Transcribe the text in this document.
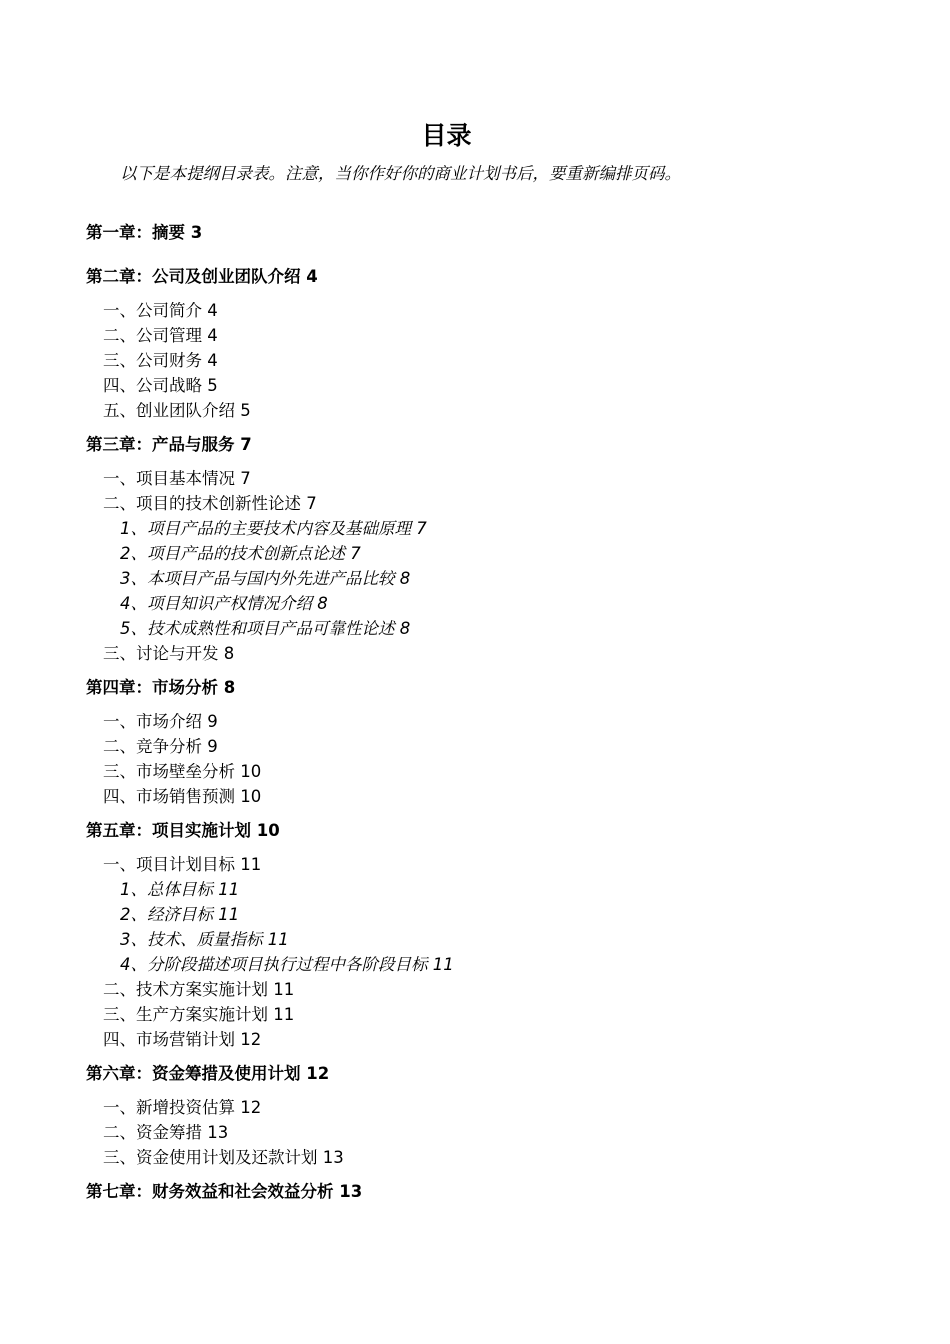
目录
以下是本提纲目录表。注意，当你作好你的商业计划书后，要重新编排页码。
第一章：摘要 3
第二章：公司及创业团队介绍 4
一、公司简介 4
二、公司管理 4
三、公司财务 4
四、公司战略 5
五、创业团队介绍 5
第三章：产品与服务 7
一、项目基本情况 7
二、项目的技术创新性论述 7
1、项目产品的主要技术内容及基础原理 7
2、项目产品的技术创新点论述 7
3、本项目产品与国内外先进产品比较 8
4、项目知识产权情况介绍 8
5、技术成熟性和项目产品可靠性论述 8
三、讨论与开发 8
第四章：市场分析 8
一、市场介绍 9
二、竞争分析 9
三、市场壁垒分析 10
四、市场销售预测 10
第五章：项目实施计划 10
一、项目计划目标 11
1、总体目标 11
2、经济目标 11
3、技术、质量指标 11
4、分阶段描述项目执行过程中各阶段目标 11
二、技术方案实施计划 11
三、生产方案实施计划 11
四、市场营销计划 12
第六章：资金筹措及使用计划 12
一、新增投资估算 12
二、资金筹措 13
三、资金使用计划及还款计划 13
第七章：财务效益和社会效益分析 13
